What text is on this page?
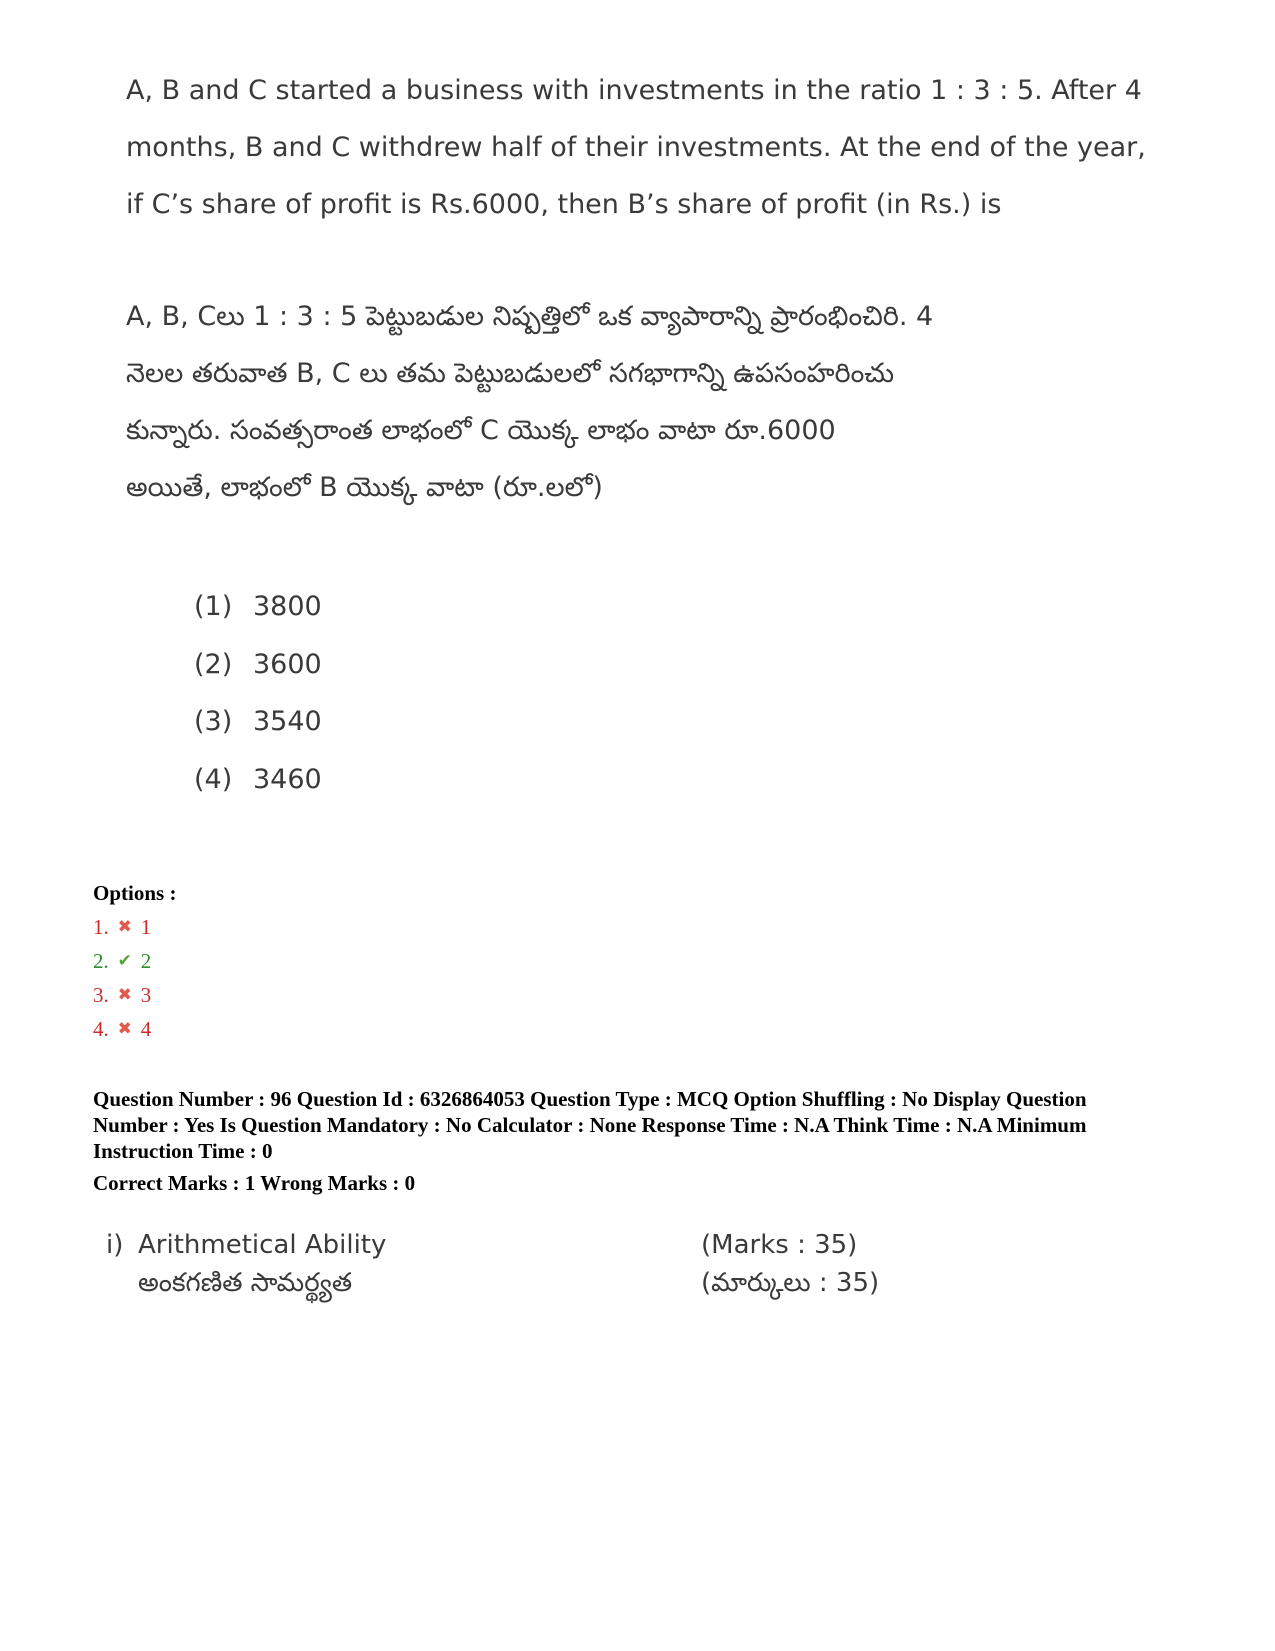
A, B and C started a business with investments in the ratio 1 : 3 : 5. After 4

months, B and C withdrew half of their investments. At the end of the year,

if C’s share of profit is Rs.6000, then B’s share of profit (in Rs.) is

A, B, Cలు 1 : 3 : 5 పెట్టుబడుల నిష్పత్తిలో ఒక వ్యాపారాన్ని ప్రారంభించిరి. 4

నెలల తరువాత B, C లు తమ పెట్టుబడులలో సగభాగాన్ని ఉపసంహరించు

కున్నారు. సంవత్సరాంత లాభంలో C యొక్క లాభం వాటా రూ.6000

అయితే, లాభంలో B యొక్క వాటా (రూ.లలో)

(1) 3800
(2) 3600
(3) 3540
(4) 3460
Options :
1. ✖ 1
2. ✔ 2
3. ✖ 3
4. ✖ 4
Question Number : 96 Question Id : 6326864053 Question Type : MCQ Option Shuffling : No Display Question
Number : Yes Is Question Mandatory : No Calculator : None Response Time : N.A Think Time : N.A Minimum
Instruction Time : 0
Correct Marks : 1 Wrong Marks : 0
i) Arithmetical Ability	(Marks : 35)
అంకగణిత సామర్థ్యత	(మార్కులు : 35)
